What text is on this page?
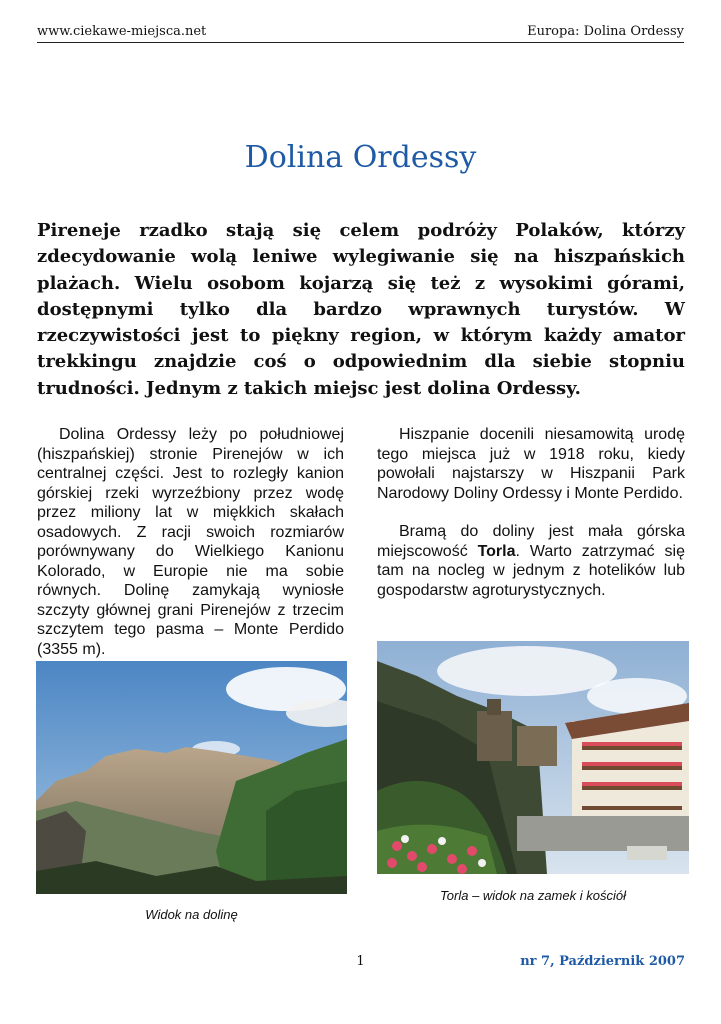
www.ciekawe-miejsca.net	Europa: Dolina Ordessy
Dolina Ordessy

Pireneje rzadko stają się celem podróży Polaków, którzy zdecydowanie wolą leniwe wylegiwanie się na hiszpańskich plażach. Wielu osobom kojarzą się też z wysokimi górami, dostępnymi tylko dla bardzo wprawnych turystów. W rzeczywistości jest to piękny region, w którym każdy amator trekkingu znajdzie coś o odpowiednim dla siebie stopniu trudności. Jednym z takich miejsc jest dolina Ordessy.

Dolina Ordessy leży po południowej (hiszpańskiej) stronie Pirenejów w ich centralnej części. Jest to rozległy kanion górskiej rzeki wyrzeźbiony przez wodę przez miliony lat w miękkich skałach osadowych. Z racji swoich rozmiarów porównywany do Wielkiego Kanionu Kolorado, w Europie nie ma sobie równych. Dolinę zamykają wyniosłe szczyty głównej grani Pirenejów z trzecim szczytem tego pasma – Monte Perdido (3355 m).

Hiszpanie docenili niesamowitą urodę tego miejsca już w 1918 roku, kiedy powołali najstarszy w Hiszpanii Park Narodowy Doliny Ordessy i Monte Perdido.

Bramą do doliny jest mała górska miejscowość Torla. Warto zatrzymać się tam na nocleg w jednym z hotelików lub gospodarstw agroturystycznych.

Widok na dolinę
Torla – widok na zamek i kościół
1	nr 7, Październik 2007
